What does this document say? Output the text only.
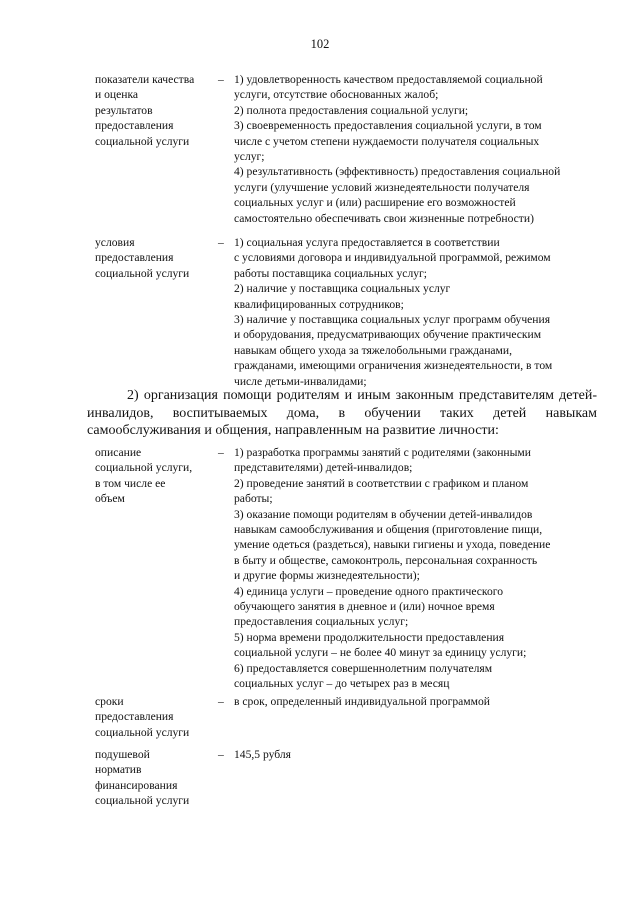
102
показатели качества
и оценка
результатов
предоставления
социальной услуги
– 1) удовлетворенность качеством предоставляемой социальной
услуги, отсутствие обоснованных жалоб;
2) полнота предоставления социальной услуги;
3) своевременность предоставления социальной услуги, в том
числе с учетом степени нуждаемости получателя социальных
услуг;
4) результативность (эффективность) предоставления социальной
услуги (улучшение условий жизнедеятельности получателя
социальных услуг и (или) расширение его возможностей
самостоятельно обеспечивать свои жизненные потребности)
условия
предоставления
социальной услуги
– 1) социальная услуга предоставляется в соответствии
с условиями договора и индивидуальной программой, режимом
работы поставщика социальных услуг;
2) наличие у поставщика социальных услуг
квалифицированных сотрудников;
3) наличие у поставщика социальных услуг программ обучения
и оборудования, предусматривающих обучение практическим
навыкам общего ухода за тяжелобольными гражданами,
гражданами, имеющими ограничения жизнедеятельности, в том
числе детьми-инвалидами;
2) организация помощи родителям и иным законным представителям детей-инвалидов, воспитываемых дома, в обучении таких детей навыкам самообслуживания и общения, направленным на развитие личности:
описание
социальной услуги,
в том числе ее
объем
– 1) разработка программы занятий с родителями (законными
представителями) детей-инвалидов;
2) проведение занятий в соответствии с графиком и планом
работы;
3) оказание помощи родителям в обучении детей-инвалидов
навыкам самообслуживания и общения (приготовление пищи,
умение одеться (раздеться), навыки гигиены и ухода, поведение
в быту и обществе, самоконтроль, персональная сохранность
и другие формы жизнедеятельности);
4) единица услуги – проведение одного практического
обучающего занятия в дневное и (или) ночное время
предоставления социальных услуг;
5) норма времени продолжительности предоставления
социальной услуги – не более 40 минут за единицу услуги;
6) предоставляется совершеннолетним получателям
социальных услуг – до четырех раз в месяц
сроки
предоставления
социальной услуги
– в срок, определенный индивидуальной программой
подушевой
норматив
финансирования
социальной услуги
– 145,5 рубля
